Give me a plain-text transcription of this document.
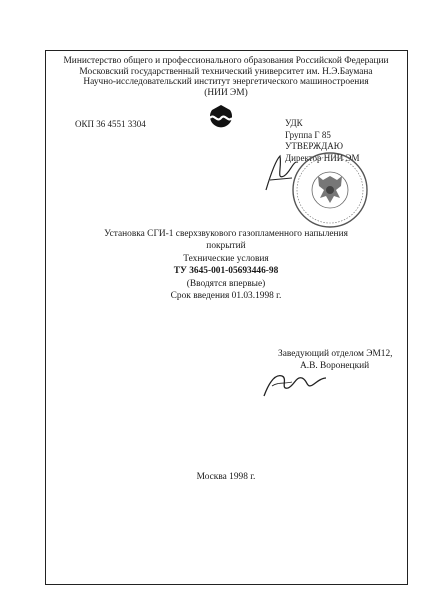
Министерство общего и профессионального образования Российской Федерации
Московский государственный технический университет им. Н.Э.Баумана
Научно-исследовательский институт энергетического машиностроения
(НИИ ЭМ)
ОКП 36 4551 3304	УДК
Группа Г 85
УТВЕРЖДАЮ
Директор НИИ ЭМ
Установка СГИ-1 сверхзвукового газопламенного напыления
покрытий
Технические условия
ТУ 3645-001-05693446-98
(Вводятся впервые)
Срок введения 01.03.1998 г.
Заведующий отделом ЭМ12,
А.В. Воронецкий
Москва 1998 г.
